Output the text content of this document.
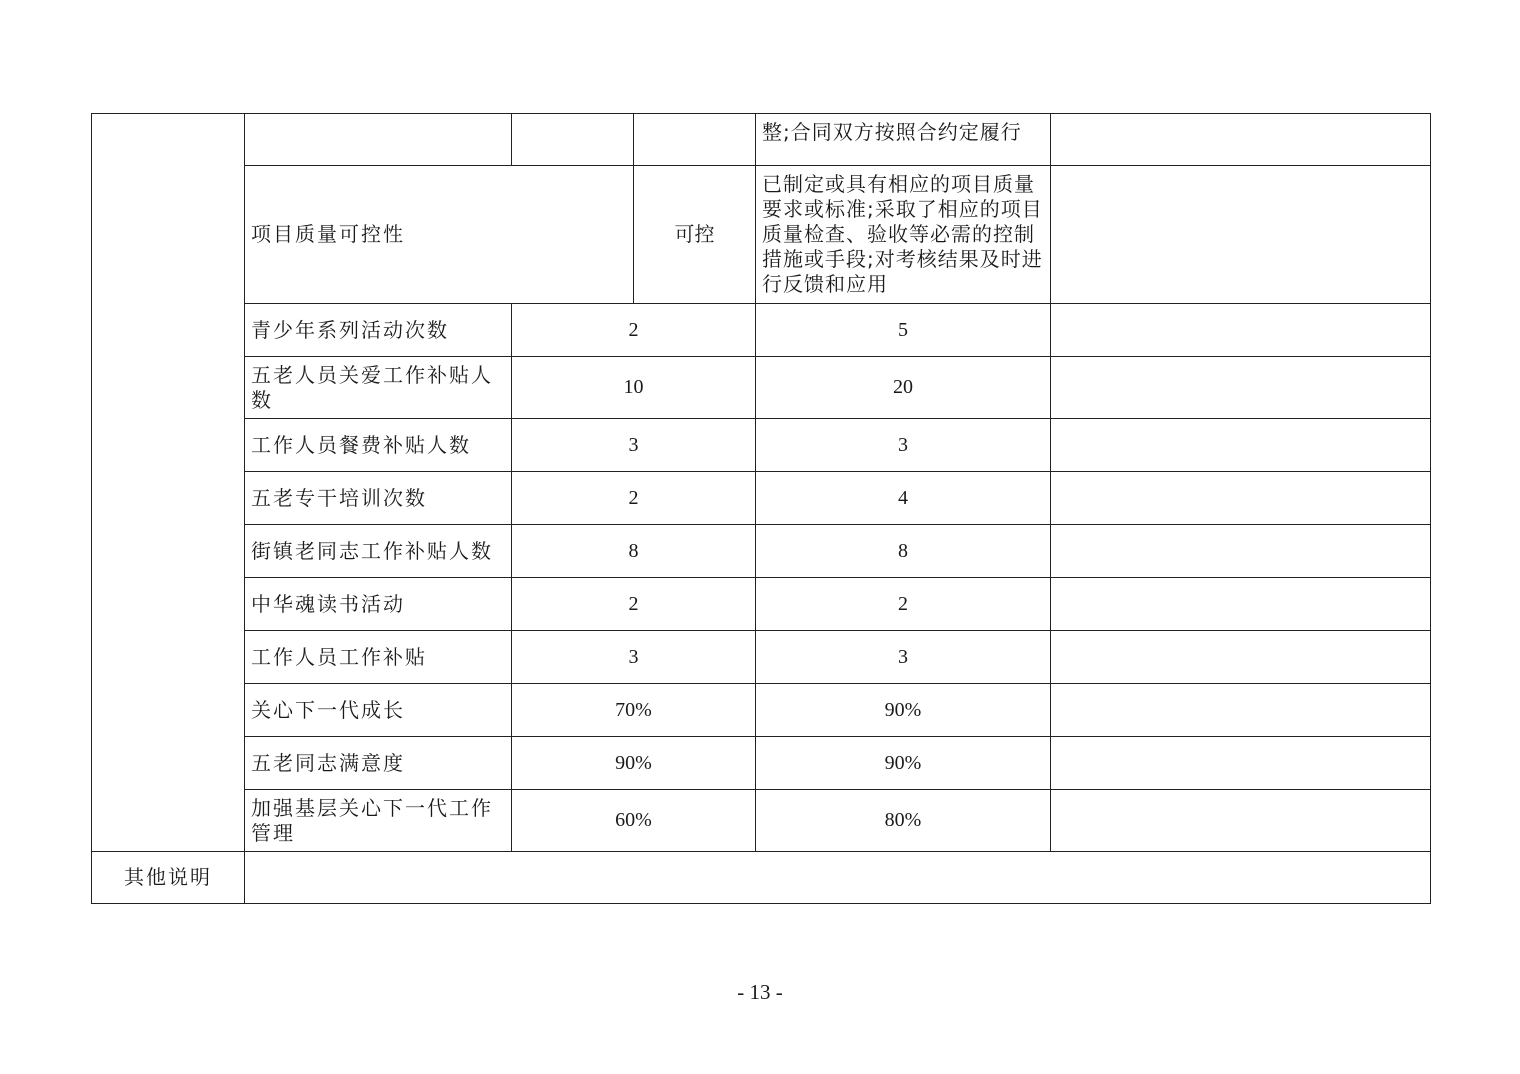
				整;合同双方按照合约定履行	
	项目质量可控性		可控	已制定或具有相应的项目质量要求或标准;采取了相应的项目质量检查、验收等必需的控制措施或手段;对考核结果及时进行反馈和应用	
	青少年系列活动次数	2		5	
	五老人员关爱工作补贴人数	10		20	
	工作人员餐费补贴人数	3		3	
	五老专干培训次数	2		4	
	街镇老同志工作补贴人数	8		8	
	中华魂读书活动	2		2	
	工作人员工作补贴	3		3	
	关心下一代成长	70%		90%	
	五老同志满意度	90%		90%	
	加强基层关心下一代工作管理	60%		80%	
其他说明					
- 13 -
